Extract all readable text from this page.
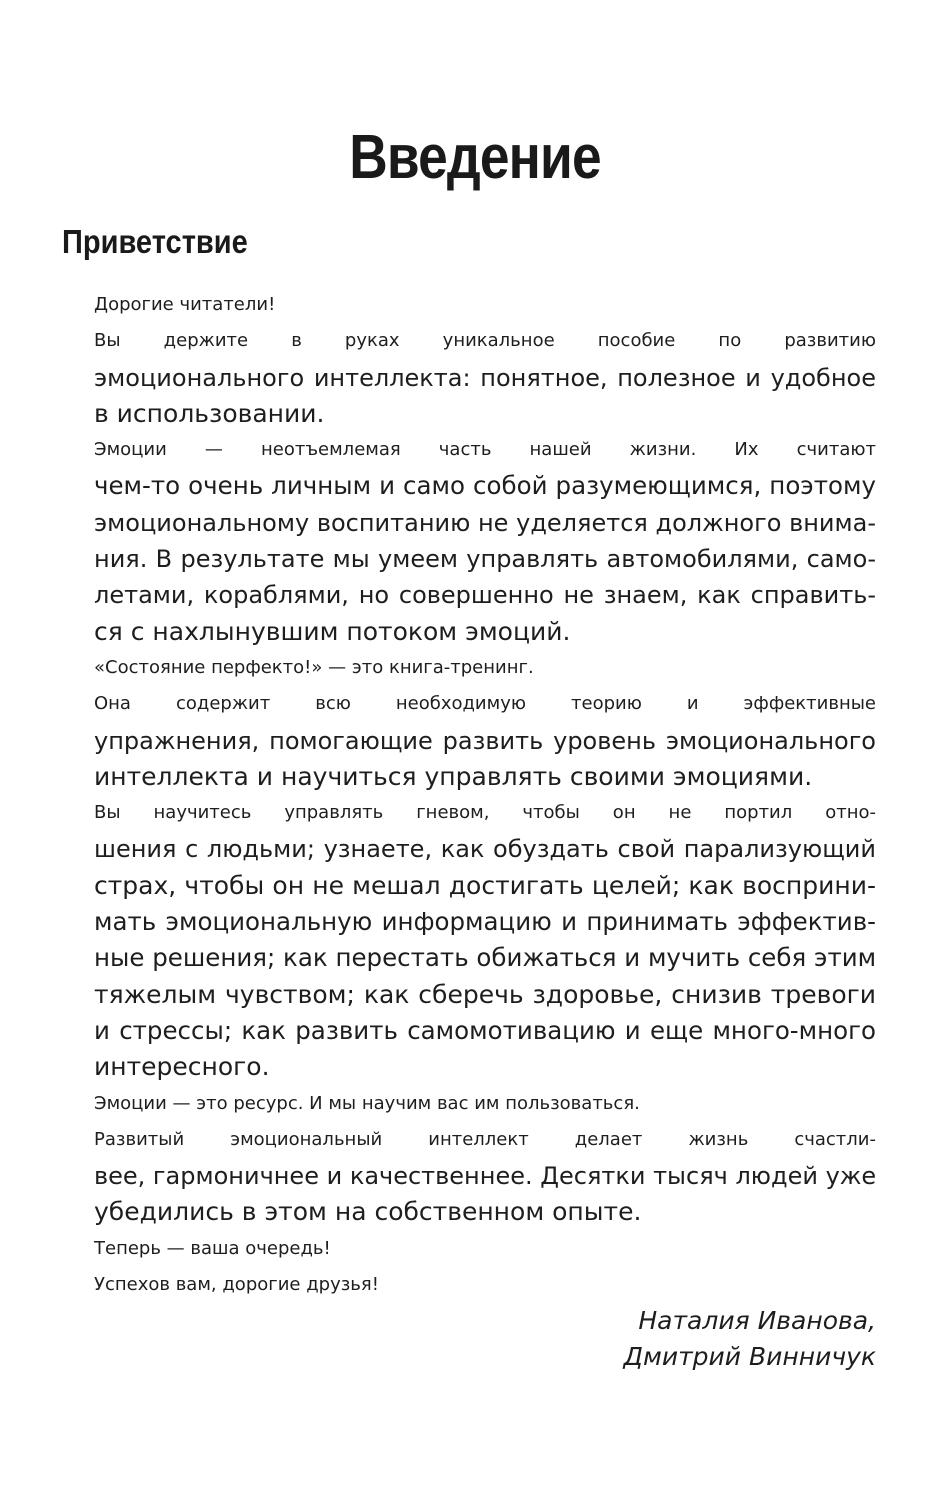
Введение
Приветствие

Дорогие читатели!

Вы держите в руках уникальное пособие по развитию
эмоционального интеллекта: понятное, полезное и удобное
в использовании.

Эмоции — неотъемлемая часть нашей жизни. Их считают
чем-то очень личным и само собой разумеющимся, поэтому
эмоциональному воспитанию не уделяется должного внима-
ния. В результате мы умеем управлять автомобилями, само-
летами, кораблями, но совершенно не знаем, как справить-
ся с нахлынувшим потоком эмоций.

«Состояние перфекто!» — это книга-тренинг.

Она содержит всю необходимую теорию и эффективные
упражнения, помогающие развить уровень эмоционального
интеллекта и научиться управлять своими эмоциями.

Вы научитесь управлять гневом, чтобы он не портил отно-
шения с людьми; узнаете, как обуздать свой парализующий
страх, чтобы он не мешал достигать целей; как восприни-
мать эмоциональную информацию и принимать эффектив-
ные решения; как перестать обижаться и мучить себя этим
тяжелым чувством; как сберечь здоровье, снизив тревоги
и стрессы; как развить самомотивацию и еще много-много
интересного.

Эмоции — это ресурс. И мы научим вас им пользоваться.

Развитый эмоциональный интеллект делает жизнь счастли-
вее, гармоничнее и качественнее. Десятки тысяч людей уже
убедились в этом на собственном опыте.

Теперь — ваша очередь!

Успехов вам, дорогие друзья!

Наталия Иванова,
Дмитрий Винничук
